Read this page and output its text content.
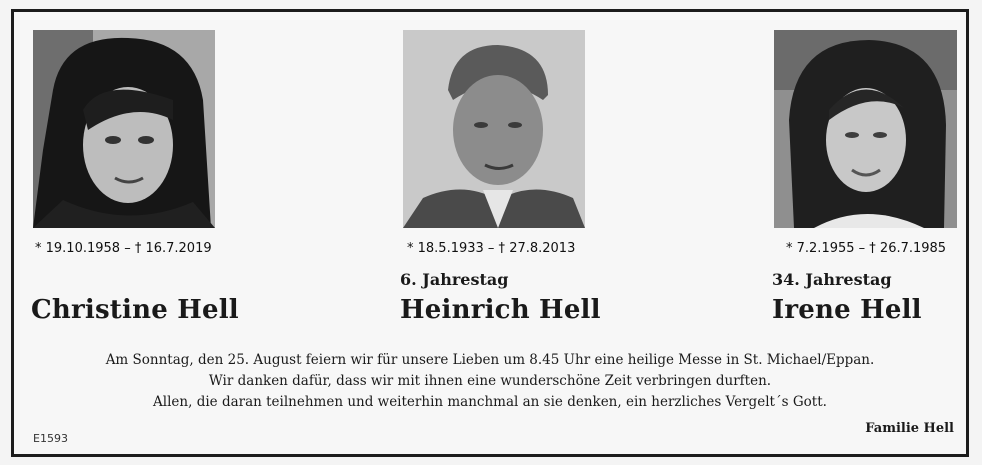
* 19.10.1958 – † 16.7.2019	* 18.5.1933 – † 27.8.2013	* 7.2.1955 – † 26.7.1985
6. Jahrestag	34. Jahrestag
Christine Hell	Heinrich Hell	Irene Hell
Am Sonntag, den 25. August feiern wir für unsere Lieben um 8.45 Uhr eine heilige Messe in St. Michael/Eppan.
Wir danken dafür, dass wir mit ihnen eine wunderschöne Zeit verbringen durften.
Allen, die daran teilnehmen und weiterhin manchmal an sie denken, ein herzliches Vergelt´s Gott.
E1593
Familie Hell
